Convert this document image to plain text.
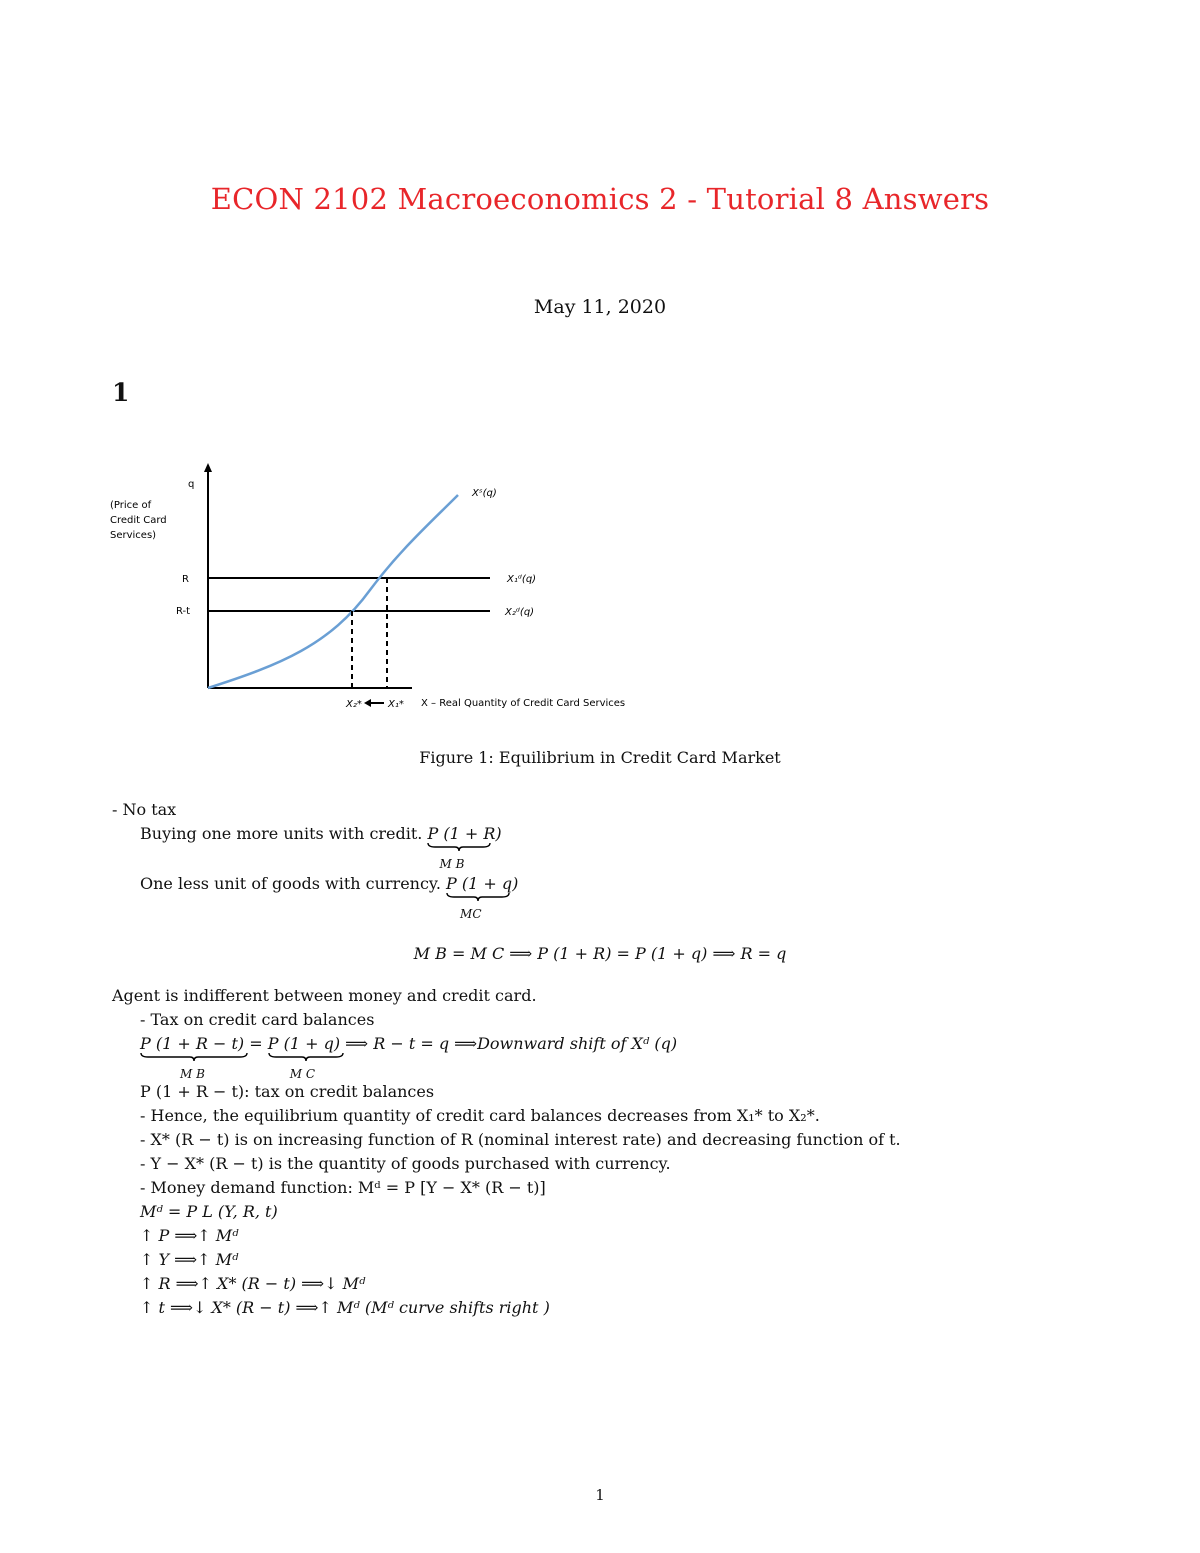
ECON 2102 Macroeconomics 2 - Tutorial 8 Answers
May 11, 2020
1
q
(Price of
Credit Card
Services)
R
R-t
X₁ᵈ(q)
X₂ᵈ(q)
Xˢ(q)
X₂*	X₁* X – Real Quantity of Credit Card Services
Figure 1: Equilibrium in Credit Card Market
- No tax
Buying one more units with credit. P (1 + R)
M B
One less unit of goods with currency. P (1 + q)
MC
M B = M C ⟹ P (1 + R) = P (1 + q) ⟹ R = q
Agent is indifferent between money and credit card.
- Tax on credit card balances
P (1 + R − t)
M B
= P (1 + q)
M C
⟹ R − t = q ⟹Downward shift of Xᵈ (q)
P (1 + R − t): tax on credit balances
- Hence, the equilibrium quantity of credit card balances decreases from X₁* to X₂*.
- X* (R − t) is on increasing function of R (nominal interest rate) and decreasing function of t.
- Y − X* (R − t) is the quantity of goods purchased with currency.
- Money demand function: Mᵈ = P [Y − X* (R − t)]
Mᵈ = P L (Y, R, t)
↑ P ⟹↑ Mᵈ
↑ Y ⟹↑ Mᵈ
↑ R ⟹↑ X* (R − t) ⟹↓ Mᵈ
↑ t ⟹↓ X* (R − t) ⟹↑ Mᵈ (Mᵈ curve shifts right )
1
